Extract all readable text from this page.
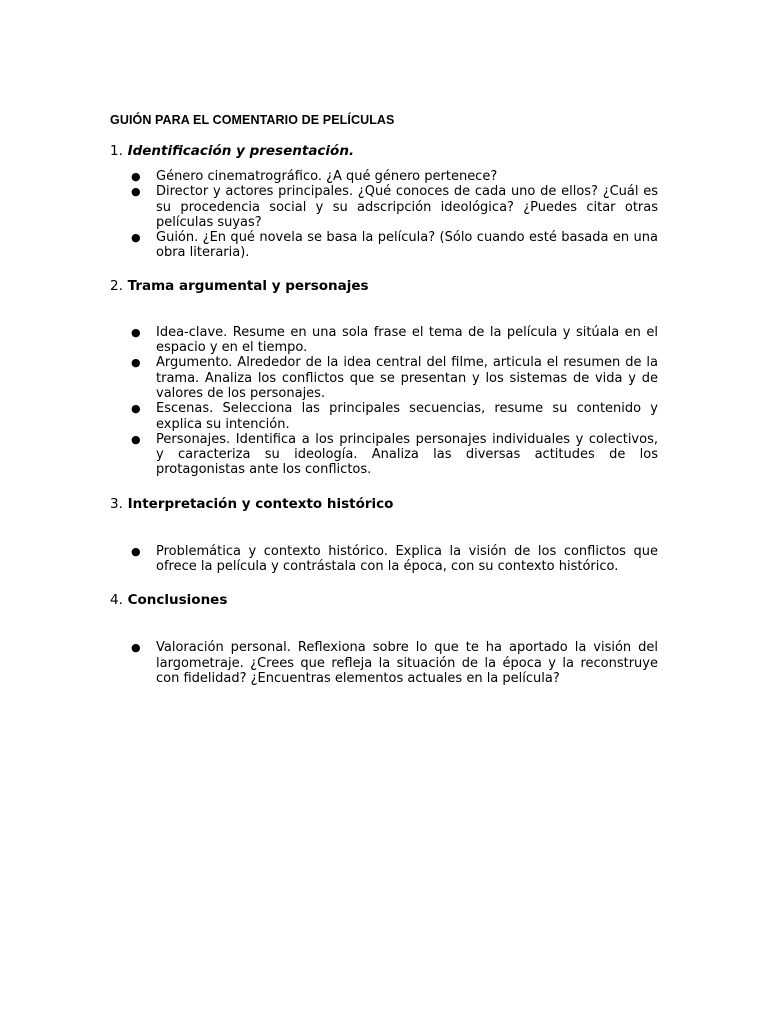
GUIÓN PARA EL COMENTARIO DE PELÍCULAS
1. Identificación y presentación.
● Género cinematrográfico. ¿A qué género pertenece?
● Director y actores principales. ¿Qué conoces de cada uno de ellos? ¿Cuál es su procedencia social y su adscripción ideológica? ¿Puedes citar otras películas suyas?
● Guión. ¿En qué novela se basa la película? (Sólo cuando esté basada en una obra literaria).
2. Trama argumental y personajes
● Idea-clave. Resume en una sola frase el tema de la película y sitúala en el espacio y en el tiempo.
● Argumento. Alrededor de la idea central del filme, articula el resumen de la trama. Analiza los conflictos que se presentan y los sistemas de vida y de valores de los personajes.
● Escenas. Selecciona las principales secuencias, resume su contenido y explica su intención.
● Personajes. Identifica a los principales personajes individuales y colectivos, y caracteriza su ideología. Analiza las diversas actitudes de los protagonistas ante los conflictos.
3. Interpretación y contexto histórico
● Problemática y contexto histórico. Explica la visión de los conflictos que ofrece la película y contrástala con la época, con su contexto histórico.
4. Conclusiones
● Valoración personal. Reflexiona sobre lo que te ha aportado la visión del largometraje. ¿Crees que refleja la situación de la época y la reconstruye con fidelidad? ¿Encuentras elementos actuales en la película?
